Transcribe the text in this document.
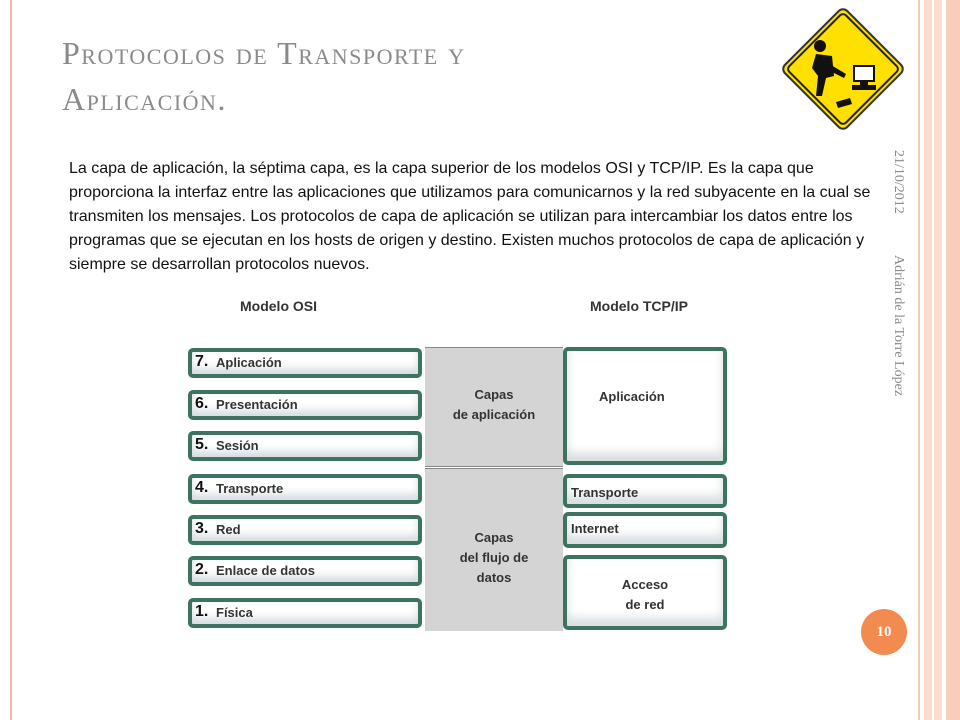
Protocolos de Transporte y
Aplicación.
21/10/2012
Adrián de la Torre López

La capa de aplicación, la séptima capa, es la capa superior de los modelos OSI y TCP/IP. Es la capa que proporciona la interfaz entre las aplicaciones que utilizamos para comunicarnos y la red subyacente en la cual se transmiten los mensajes. Los protocolos de capa de aplicación se utilizan para intercambiar los datos entre los programas que se ejecutan en los hosts de origen y destino. Existen muchos protocolos de capa de aplicación y siempre se desarrollan protocolos nuevos.

Modelo OSI	Modelo TCP/IP
Capas
de aplicación
Capas
del flujo de
datos
7. Aplicación
6. Presentación
5. Sesión
4. Transporte
3. Red
2. Enlace de datos
1. Física
Aplicación
Transporte
Internet
Acceso
de red
10
